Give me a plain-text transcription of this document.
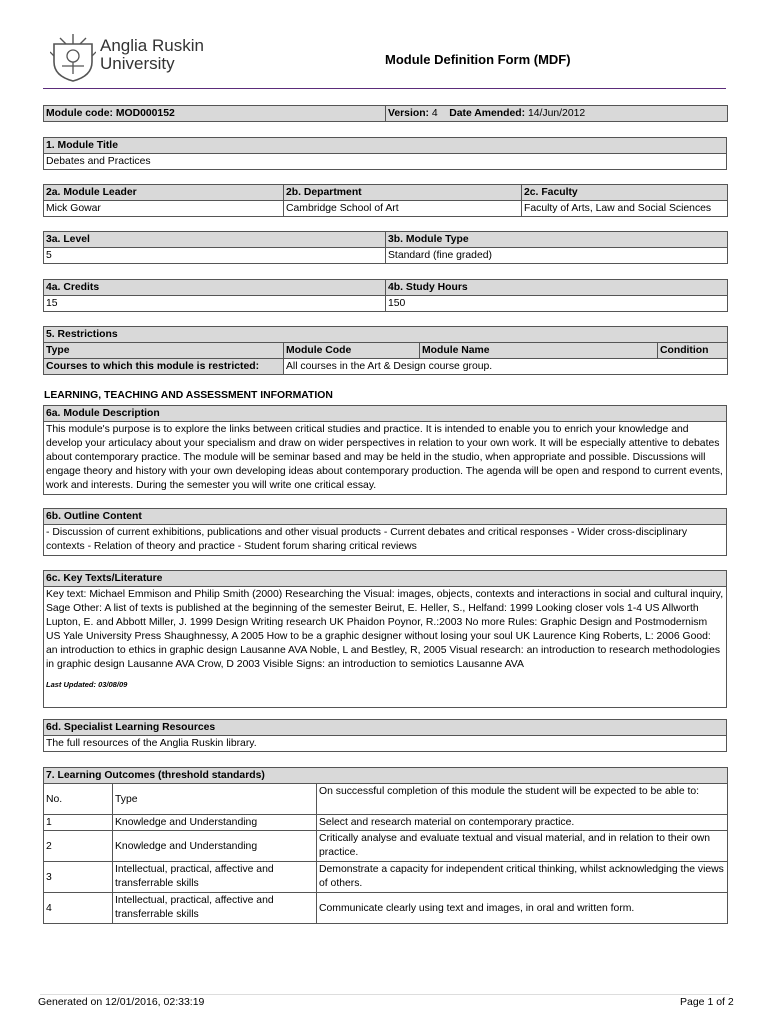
Anglia Ruskin
University	Module Definition Form (MDF)
Module code: MOD000152	Version: 4 Date Amended: 14/Jun/2012
1. Module Title
Debates and Practices
2a. Module Leader	2b. Department	2c. Faculty
Mick Gowar	Cambridge School of Art	Faculty of Arts, Law and Social Sciences
3a. Level	3b. Module Type
5	Standard (fine graded)
4a. Credits	4b. Study Hours
15	150
5. Restrictions			
Type	Module Code	Module Name	Condition
Courses to which this module is restricted:	All courses in the Art & Design course group.		
LEARNING, TEACHING AND ASSESSMENT INFORMATION
6a. Module Description
This module's purpose is to explore the links between critical studies and practice. It is intended to enable you to enrich your knowledge and develop your articulacy about your specialism and draw on wider perspectives in relation to your own work. It will be especially attentive to debates about contemporary practice. The module will be seminar based and may be held in the studio, when appropriate and possible. Discussions will engage theory and history with your own developing ideas about contemporary production. The agenda will be open and respond to current events, work and interests. During the semester you will write one critical essay.
6b. Outline Content
- Discussion of current exhibitions, publications and other visual products - Current debates and critical responses - Wider cross-disciplinary contexts - Relation of theory and practice - Student forum sharing critical reviews
6c. Key Texts/Literature
Key text: Michael Emmison and Philip Smith (2000) Researching the Visual: images, objects, contexts and interactions in social and cultural inquiry, Sage Other: A list of texts is published at the beginning of the semester Beirut, E. Heller, S., Helfand: 1999 Looking closer vols 1-4 US Allworth Lupton, E. and Abbott Miller, J. 1999 Design Writing research UK Phaidon Poynor, R.:2003 No more Rules: Graphic Design and Postmodernism US Yale University Press Shaughnessy, A 2005 How to be a graphic designer without losing your soul UK Laurence King Roberts, L: 2006 Good: an introduction to ethics in graphic design Lausanne AVA Noble, L and Bestley, R, 2005 Visual research: an introduction to research methodologies in graphic design Lausanne AVA Crow, D 2003 Visible Signs: an introduction to semiotics Lausanne AVA
Last Updated: 03/08/09
6d. Specialist Learning Resources
The full resources of the Anglia Ruskin library.
7. Learning Outcomes (threshold standards)		
No.	Type	On successful completion of this module the student will be expected to be able to:
1	Knowledge and Understanding	Select and research material on contemporary practice.
2	Knowledge and Understanding	Critically analyse and evaluate textual and visual material, and in relation to their own practice.
3	Intellectual, practical, affective and transferrable skills	Demonstrate a capacity for independent critical thinking, whilst acknowledging the views of others.
4	Intellectual, practical, affective and transferrable skills	Communicate clearly using text and images, in oral and written form.
Generated on 12/01/2016, 02:33:19	Page 1 of 2
